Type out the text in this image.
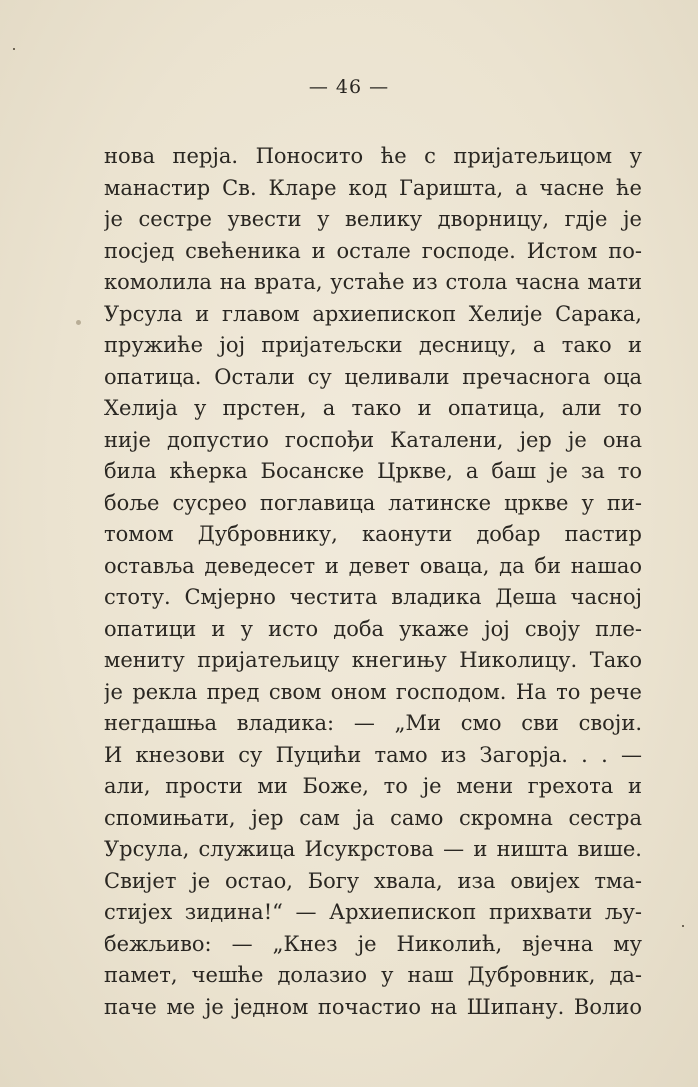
— 46 —
нова перја. Поносито ће с пријатељицом у
манастир Св. Кларе код Гаришта, а часне ће
је сестре увести у велику дворницу, гдје је
посјед свећеника и остале господе. Истом по-
комолила на врата, устаће из стола часна мати
Урсула и главом архиепископ Хелије Сарака,
пружиће јој пријатељски десницу, а тако и
опатица. Остали су целивали пречаснога оца
Хелија у прстен, а тако и опатица, али то
није допустио госпођи Каталени, јер је она
била кћерка Босанске Цркве, а баш је за то
боље сусрео поглавица латинске цркве у пи-
томом Дубровнику, каонути добар пастир
остављa деведесет и девет оваца, да би нашао
стоту. Смјерно честита владика Деша часној
опатици и у исто доба укаже јој своју пле-
мениту пријатељицу кнегињу Николицу. Тако
је рекла пред свом оном господом. На то рече
негдашња владика: — „Ми смо сви своји.
И кнезови су Пуцићи тамо из Загорја. . . —
али, прости ми Боже, то је мени грехота и
спомињати, јер сам ја само скромна сестра
Урсула, служица Исукрстова — и ништа више.
Свијет је остао, Богу хвала, иза овијех тма-
стијех зидина!“ — Архиепископ прихвати љу-
бежљиво: — „Кнез је Николић, вјечна му
памет, чешће долазио у наш Дубровник, да-
паче ме је једном почастио на Шипану. Волио
